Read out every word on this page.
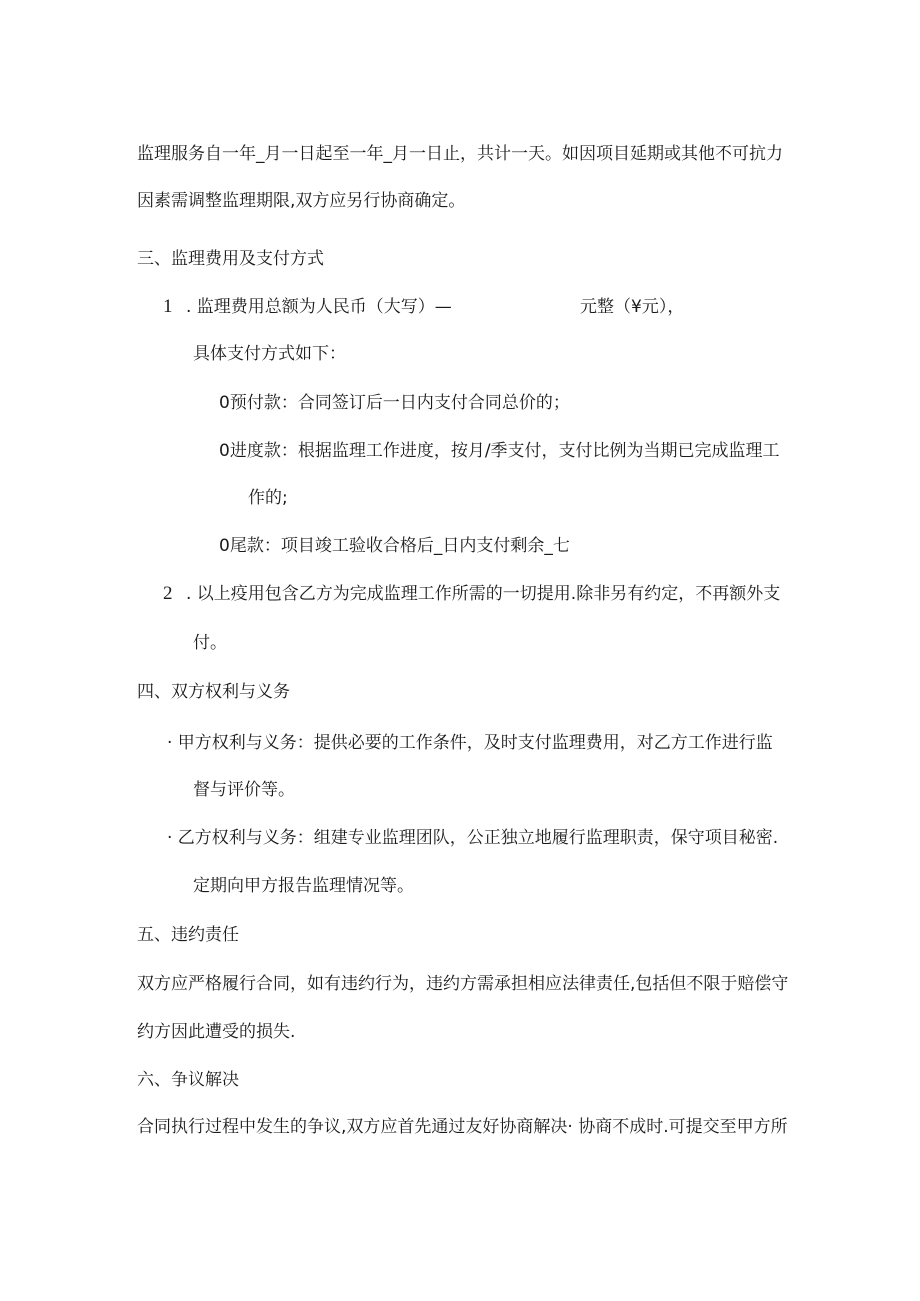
监理服务自一年_月一日起至一年_月一日止，共计一天。如因项目延期或其他不可抗力
因素需调整监理期限,双方应另行协商确定。
三、监理费用及支付方式
1 . 监理费用总额为人民币（大写）—	元整（¥元），
具体支付方式如下：
0预付款：合同签订后一日内支付合同总价的；
0进度款：根据监理工作进度，按月/季支付，支付比例为当期已完成监理工
作的;
0尾款：项目竣工验收合格后_日内支付剩余_七
2 . 以上疫用包含乙方为完成监理工作所需的一切提用.除非另有约定，不再额外支
付。
四、双方权利与义务
· 甲方权利与义务：提供必要的工作条件，及时支付监理费用，对乙方工作进行监
督与评价等。
· 乙方权利与义务：组建专业监理团队，公正独立地履行监理职责，保守项目秘密.
定期向甲方报告监理情况等。
五、违约责任
双方应严格履行合同，如有违约行为，违约方需承担相应法律责任,包括但不限于赔偿守
约方因此遭受的损失.
六、争议解决
合同执行过程中发生的争议,双方应首先通过友好协商解决· 协商不成时.可提交至甲方所
